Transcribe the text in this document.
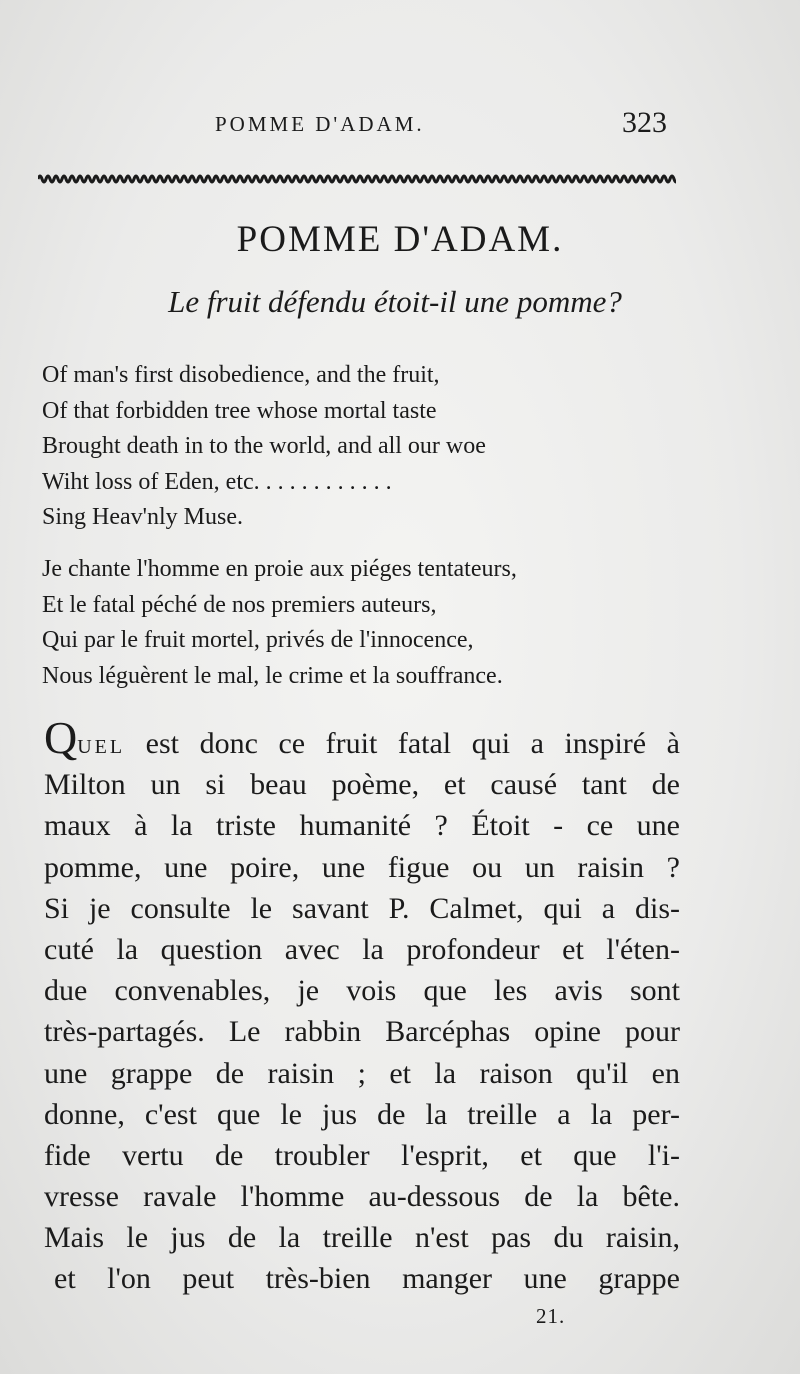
POMME D'ADAM.	323
POMME D'ADAM.
Le fruit défendu étoit-il une pomme?
Of man's first disobedience, and the fruit,
Of that forbidden tree whose mortal taste
Brought death in to the world, and all our woe
Wiht loss of Eden, etc. . . . . . . . . . . .
Sing Heav'nly Muse.
Je chante l'homme en proie aux piéges tentateurs,
Et le fatal péché de nos premiers auteurs,
Qui par le fruit mortel, privés de l'innocence,
Nous léguèrent le mal, le crime et la souffrance.
QUEL est donc ce fruit fatal qui a inspiré à
Milton un si beau poème, et causé tant de
maux à la triste humanité ? Étoit - ce une
pomme, une poire, une figue ou un raisin ?
Si je consulte le savant P. Calmet, qui a dis-
cuté la question avec la profondeur et l'éten-
due convenables, je vois que les avis sont
très-partagés. Le rabbin Barcéphas opine pour
une grappe de raisin ; et la raison qu'il en
donne, c'est que le jus de la treille a la per-
fide vertu de troubler l'esprit, et que l'i-
vresse ravale l'homme au-dessous de la bête.
Mais le jus de la treille n'est pas du raisin,
et l'on peut très-bien manger une grappe
21.
